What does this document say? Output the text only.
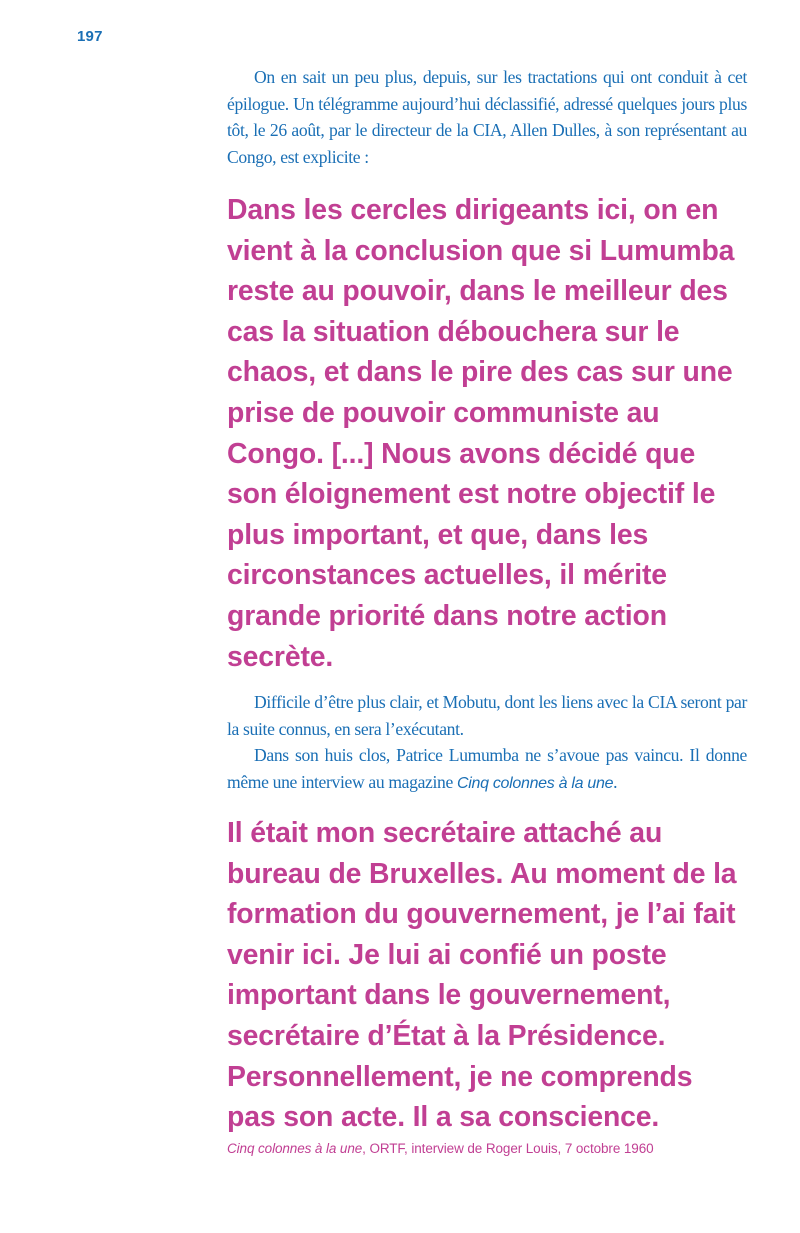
197

On en sait un peu plus, depuis, sur les tractations qui ont conduit à cet épilogue. Un télégramme aujourd’hui déclassifié, adressé quelques jours plus tôt, le 26 août, par le directeur de la CIA, Allen Dulles, à son représentant au Congo, est explicite :

Dans les cercles dirigeants ici, on en vient à la conclusion que si Lumumba reste au pouvoir, dans le meilleur des cas la situation débouchera sur le chaos, et dans le pire des cas sur une prise de pouvoir communiste au Congo. [...] Nous avons décidé que son éloignement est notre objectif le plus important, et que, dans les circonstances actuelles, il mérite grande priorité dans notre action secrète.

Difficile d’être plus clair, et Mobutu, dont les liens avec la CIA seront par la suite connus, en sera l’exécutant.

Dans son huis clos, Patrice Lumumba ne s’avoue pas vaincu. Il donne même une interview au magazine Cinq colonnes à la une.

Il était mon secrétaire attaché au bureau de Bruxelles. Au moment de la formation du gouvernement, je l’ai fait venir ici. Je lui ai confié un poste important dans le gouvernement, secrétaire d’État à la Présidence. Personnellement, je ne comprends pas son acte. Il a sa conscience.

Cinq colonnes à la une, ORTF, interview de Roger Louis, 7 octobre 1960
